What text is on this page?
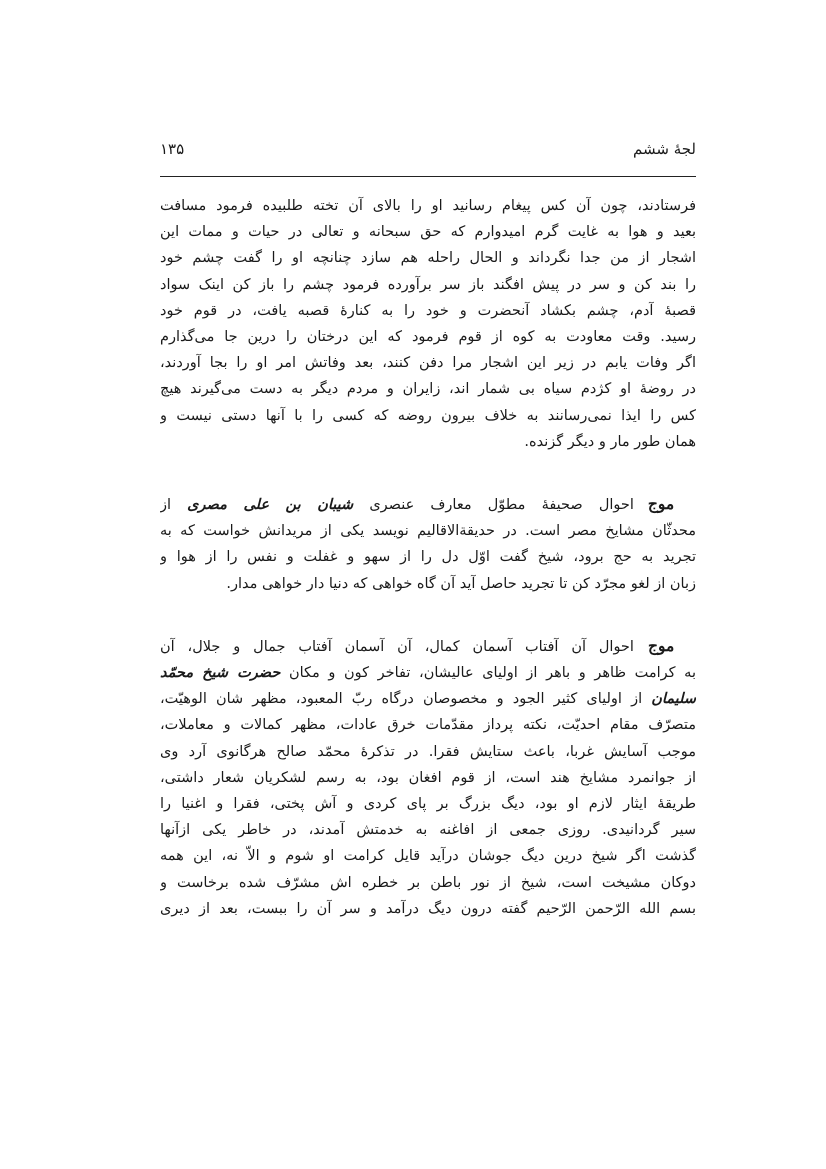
لجهٔ ششم
۱۳۵

فرستادند، چون آن کس پیغام رسانید او را بالای آن تخته طلبیده فرمود مسافت
بعید و هوا به غایت گرم امیدوارم که حق سبحانه و تعالی در حیات و ممات این
اشجار از من جدا نگرداند و الحال راحله هم سازد چنانچه او را گفت چشم خود
را بند کن و سر در پیش افگند باز سر برآورده فرمود چشم را باز کن اینک سواد
قصبهٔ آدم، چشم بکشاد آنحضرت و خود را به کنارهٔ قصبه یافت، در قوم خود
رسید. وقت معاودت به کوه از قوم فرمود که این درختان را درین جا می‌گذارم
اگر وفات یابم در زیر این اشجار مرا دفن کنند، بعد وفاتش امر او را بجا آوردند،
در روضهٔ او کژدم سیاه بی شمار اند، زایران و مردم دیگر به دست می‌گیرند هیچ
کس را ایذا نمی‌رسانند به خلاف بیرون روضه که کسی را با آنها دستی نیست و
همان طور مار و دیگر گزنده.

‌   موجاحوال صحیفهٔ مطوّل معارف عنصری شیبان بن علی مصری از
محدثّان مشایخ مصر است. در حدیقةالاقالیم نویسد یکی از مریدانش خواست که به
تجرید به حج برود، شیخ گفت اوّل دل را از سهو و غفلت و نفس را از هوا و
زبان از لغو مجرّد کن تا تجرید حاصل آید آن گاه خواهی که دنیا دار خواهی مدار.

‌   موجاحوال آن آفتاب آسمان کمال، آن آسمان آفتاب جمال و جلال، آن
به کرامت ظاهر و باهر از اولیای عالیشان، تفاخر کون و مکان حضرت شیخ محمّد
سلیمان از اولیای کثیر الجود و مخصوصان درگاه ربّ المعبود، مظهر شان الوهیّت،
متصرّف مقام احدیّت، نکته پرداز مقدّمات خرق عادات، مظهر کمالات و معاملات،
موجب آسایش غربا، باعث ستایش فقرا. در تذکرهٔ محمّد صالح هرگانوی آرد وی
از جوانمرد مشایخ هند است، از قوم افغان بود، به رسم لشکریان شعار داشتی،
طریقهٔ ایثار لازم او بود، دیگ بزرگ بر پای کردی و آش پختی، فقرا و اغنیا را
سیر گردانیدی. روزی جمعی از افاغنه به خدمتش آمدند، در خاطر یکی ازآنها
گذشت اگر شیخ درین دیگ جوشان درآید قایل کرامت او شوم و الاّ نه، این همه
دوکان مشیخت است، شیخ از نور باطن بر خطره اش مشرّف شده برخاست و
بسم الله الرّحمن الرّحیم گفته درون دیگ درآمد و سر آن را ببست، بعد از دیری
